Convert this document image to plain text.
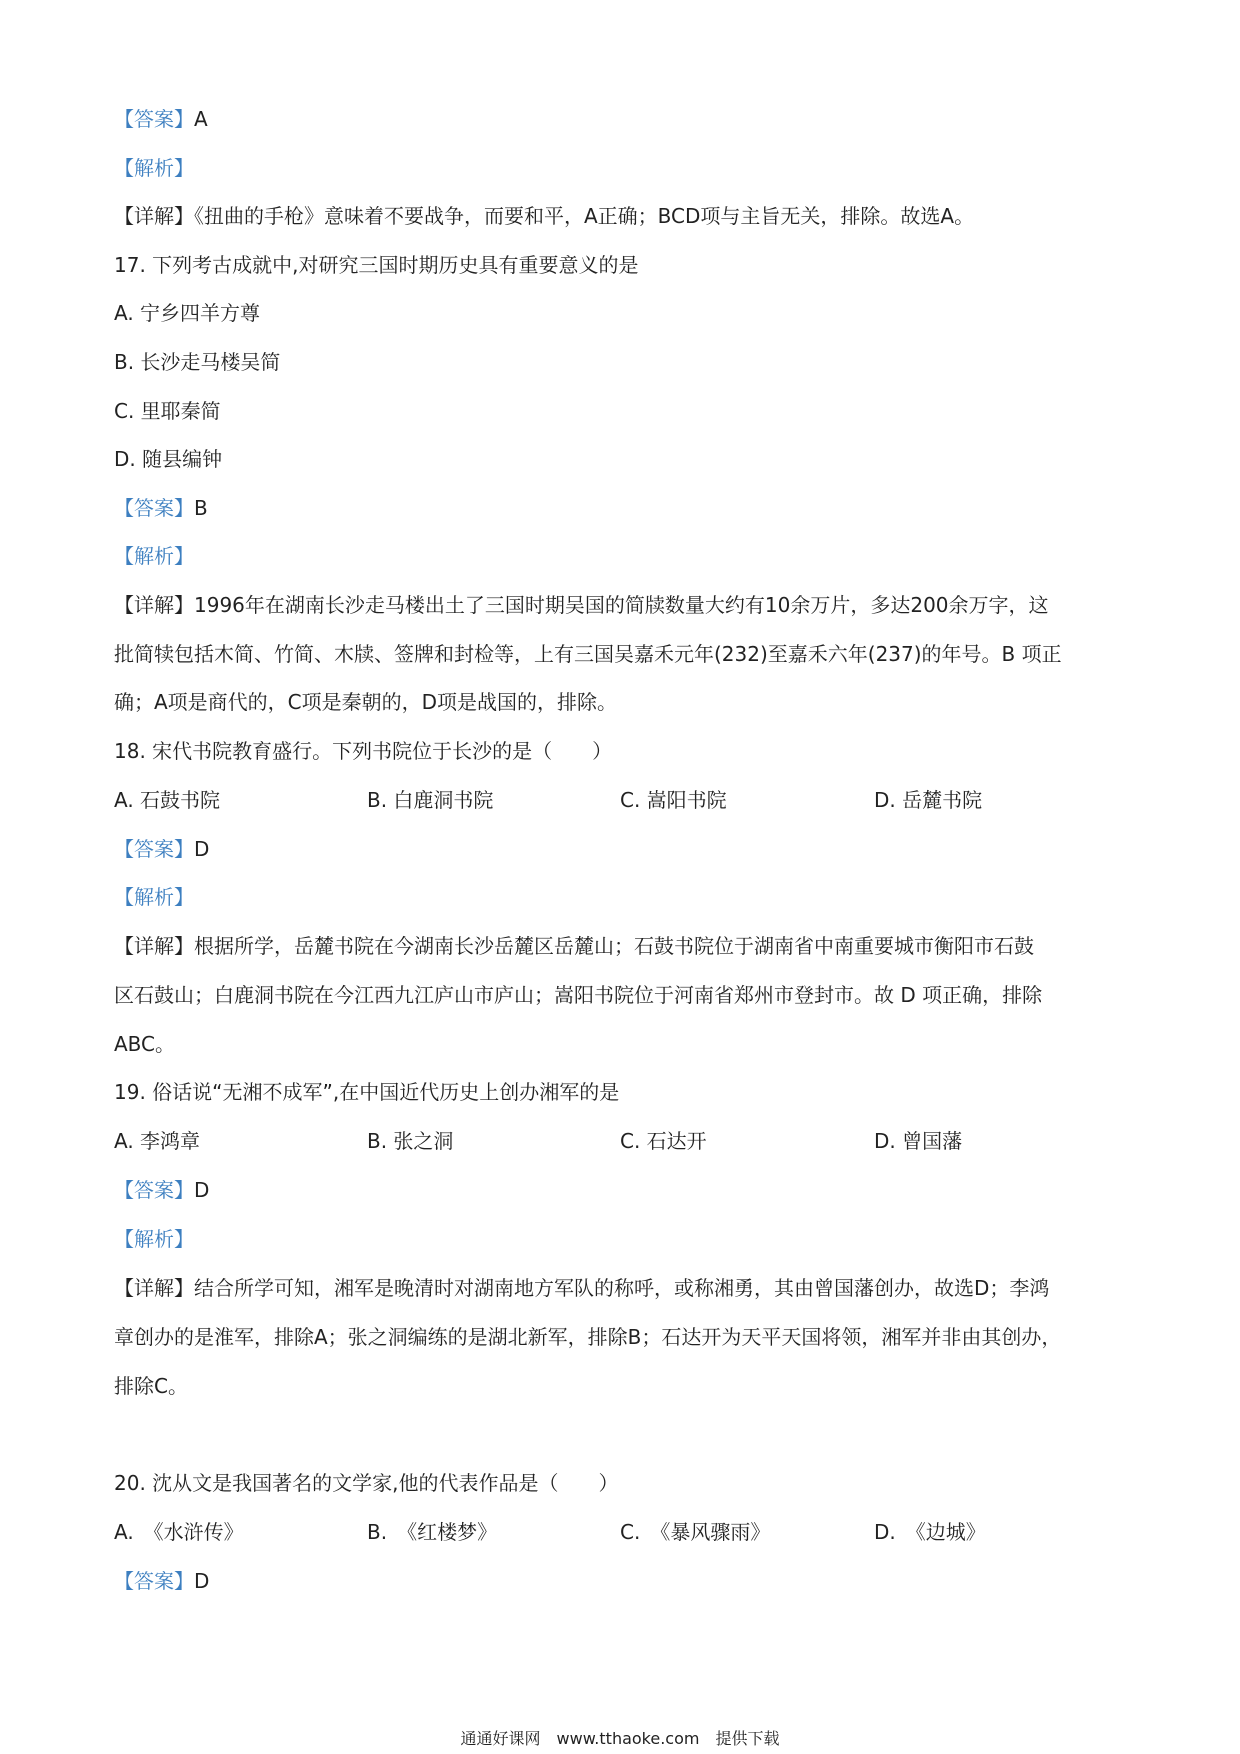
【答案】A
【解析】
【详解】《扭曲的手枪》意味着不要战争，而要和平，A正确；BCD项与主旨无关，排除。故选A。
17. 下列考古成就中,对研究三国时期历史具有重要意义的是
A. 宁乡四羊方尊
B. 长沙走马楼吴简
C. 里耶秦简
D. 随县编钟
【答案】B
【解析】
【详解】1996年在湖南长沙走马楼出土了三国时期吴国的简牍数量大约有10余万片，多达200余万字，这
批简犊包括木简、竹简、木牍、签牌和封检等，上有三国吴嘉禾元年(232)至嘉禾六年(237)的年号。B 项正
确；A项是商代的，C项是秦朝的，D项是战国的，排除。
18. 宋代书院教育盛行。下列书院位于长沙的是（　　）
A. 石鼓书院	B. 白鹿洞书院	C. 嵩阳书院	D. 岳麓书院
【答案】D
【解析】
【详解】根据所学，岳麓书院在今湖南长沙岳麓区岳麓山；石鼓书院位于湖南省中南重要城市衡阳市石鼓
区石鼓山；白鹿洞书院在今江西九江庐山市庐山；嵩阳书院位于河南省郑州市登封市。故 D 项正确，排除
ABC。
19. 俗话说“无湘不成军”,在中国近代历史上创办湘军的是
A. 李鸿章	B. 张之洞	C. 石达开	D. 曾国藩
【答案】D
【解析】
【详解】结合所学可知，湘军是晚清时对湖南地方军队的称呼，或称湘勇，其由曾国藩创办，故选D；李鸿
章创办的是淮军，排除A；张之洞编练的是湖北新军，排除B；石达开为天平天国将领，湘军并非由其创办，
排除C。
20. 沈从文是我国著名的文学家,他的代表作品是（　　）
A.　《水浒传》	B.　《红楼梦》	C.　《暴风骤雨》	D.　《边城》
【答案】D
通通好课网　www.tthaoke.com　提供下载
